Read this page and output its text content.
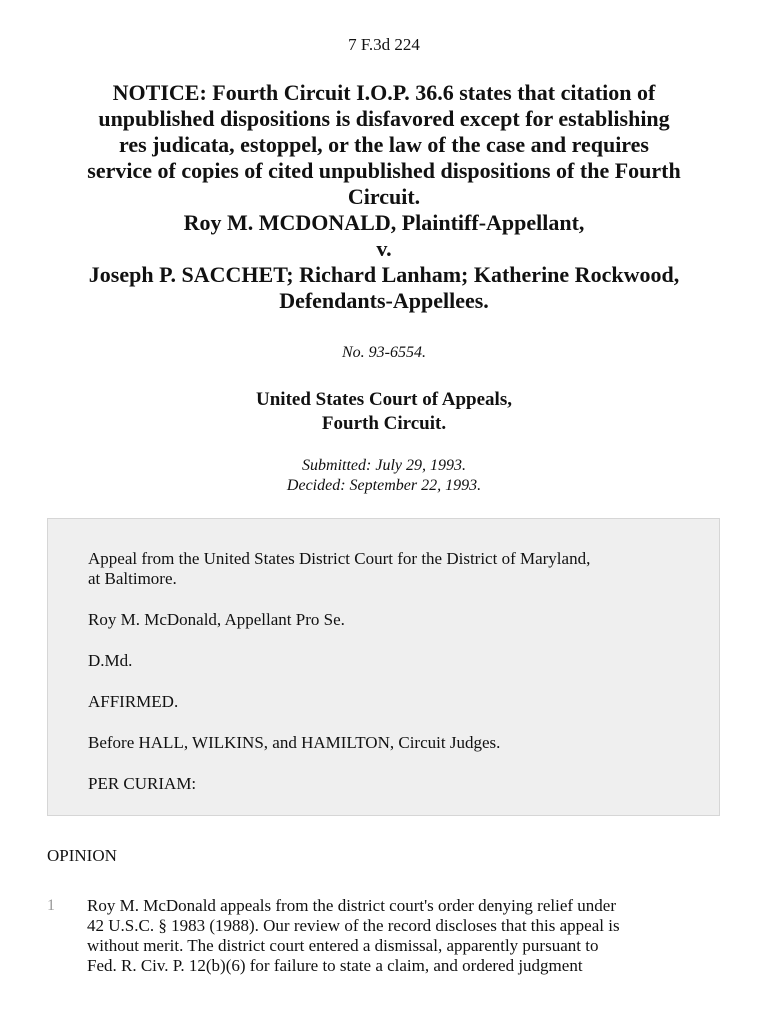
7 F.3d 224
NOTICE: Fourth Circuit I.O.P. 36.6 states that citation of
unpublished dispositions is disfavored except for establishing
res judicata, estoppel, or the law of the case and requires
service of copies of cited unpublished dispositions of the Fourth
Circuit.
Roy M. MCDONALD, Plaintiff-Appellant,
v.
Joseph P. SACCHET; Richard Lanham; Katherine Rockwood,
Defendants-Appellees.
No. 93-6554.
United States Court of Appeals,
Fourth Circuit.
Submitted: July 29, 1993.
Decided: September 22, 1993.

Appeal from the United States District Court for the District of Maryland,
at Baltimore.

Roy M. McDonald, Appellant Pro Se.

D.Md.

AFFIRMED.

Before HALL, WILKINS, and HAMILTON, Circuit Judges.

PER CURIAM:

OPINION
1 Roy M. McDonald appeals from the district court's order denying relief under
42 U.S.C. § 1983 (1988). Our review of the record discloses that this appeal is
without merit. The district court entered a dismissal, apparently pursuant to
Fed. R. Civ. P. 12(b)(6) for failure to state a claim, and ordered judgment
